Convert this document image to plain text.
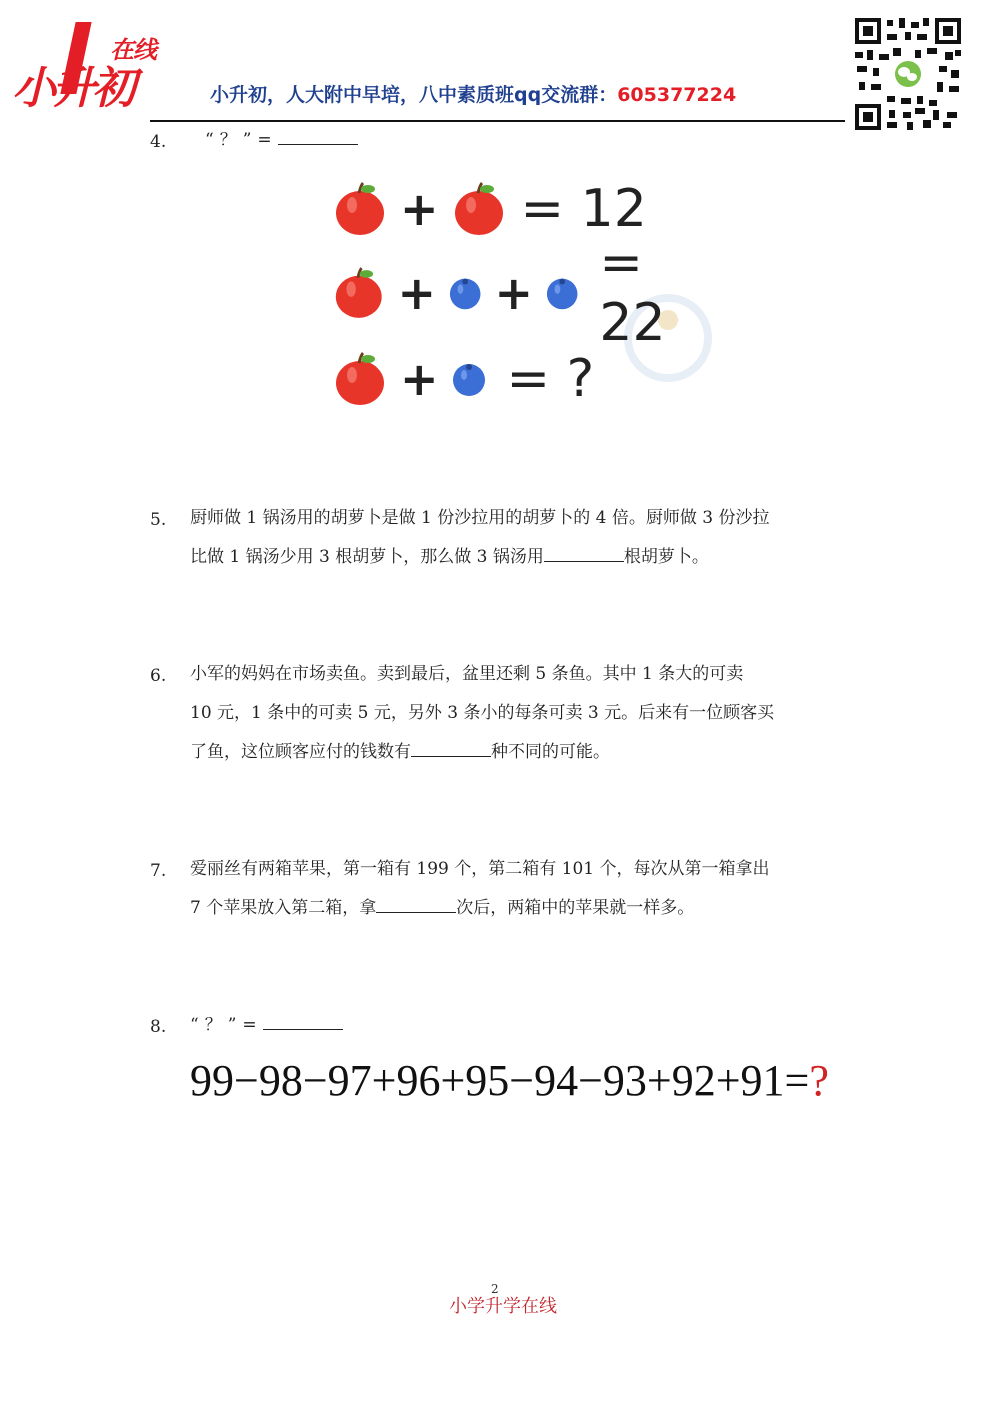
小升初
在线
小升初，人大附中早培，八中素质班qq交流群：605377224
4. “？”=
+ = 12
+ + = 22
+ = ?
5. 厨师做 1 锅汤用的胡萝卜是做 1 份沙拉用的胡萝卜的 4 倍。厨师做 3 份沙拉
比做 1 锅汤少用 3 根胡萝卜，那么做 3 锅汤用	根胡萝卜。
6. 小军的妈妈在市场卖鱼。卖到最后，盆里还剩 5 条鱼。其中 1 条大的可卖
10 元，1 条中的可卖 5 元，另外 3 条小的每条可卖 3 元。后来有一位顾客买
了鱼，这位顾客应付的钱数有	种不同的可能。
7. 爱丽丝有两箱苹果，第一箱有 199 个，第二箱有 101 个，每次从第一箱拿出
7 个苹果放入第二箱，拿	次后，两箱中的苹果就一样多。
8. “？”=
99−98−97+96+95−94−93+92+91=?
2
小学升学在线
